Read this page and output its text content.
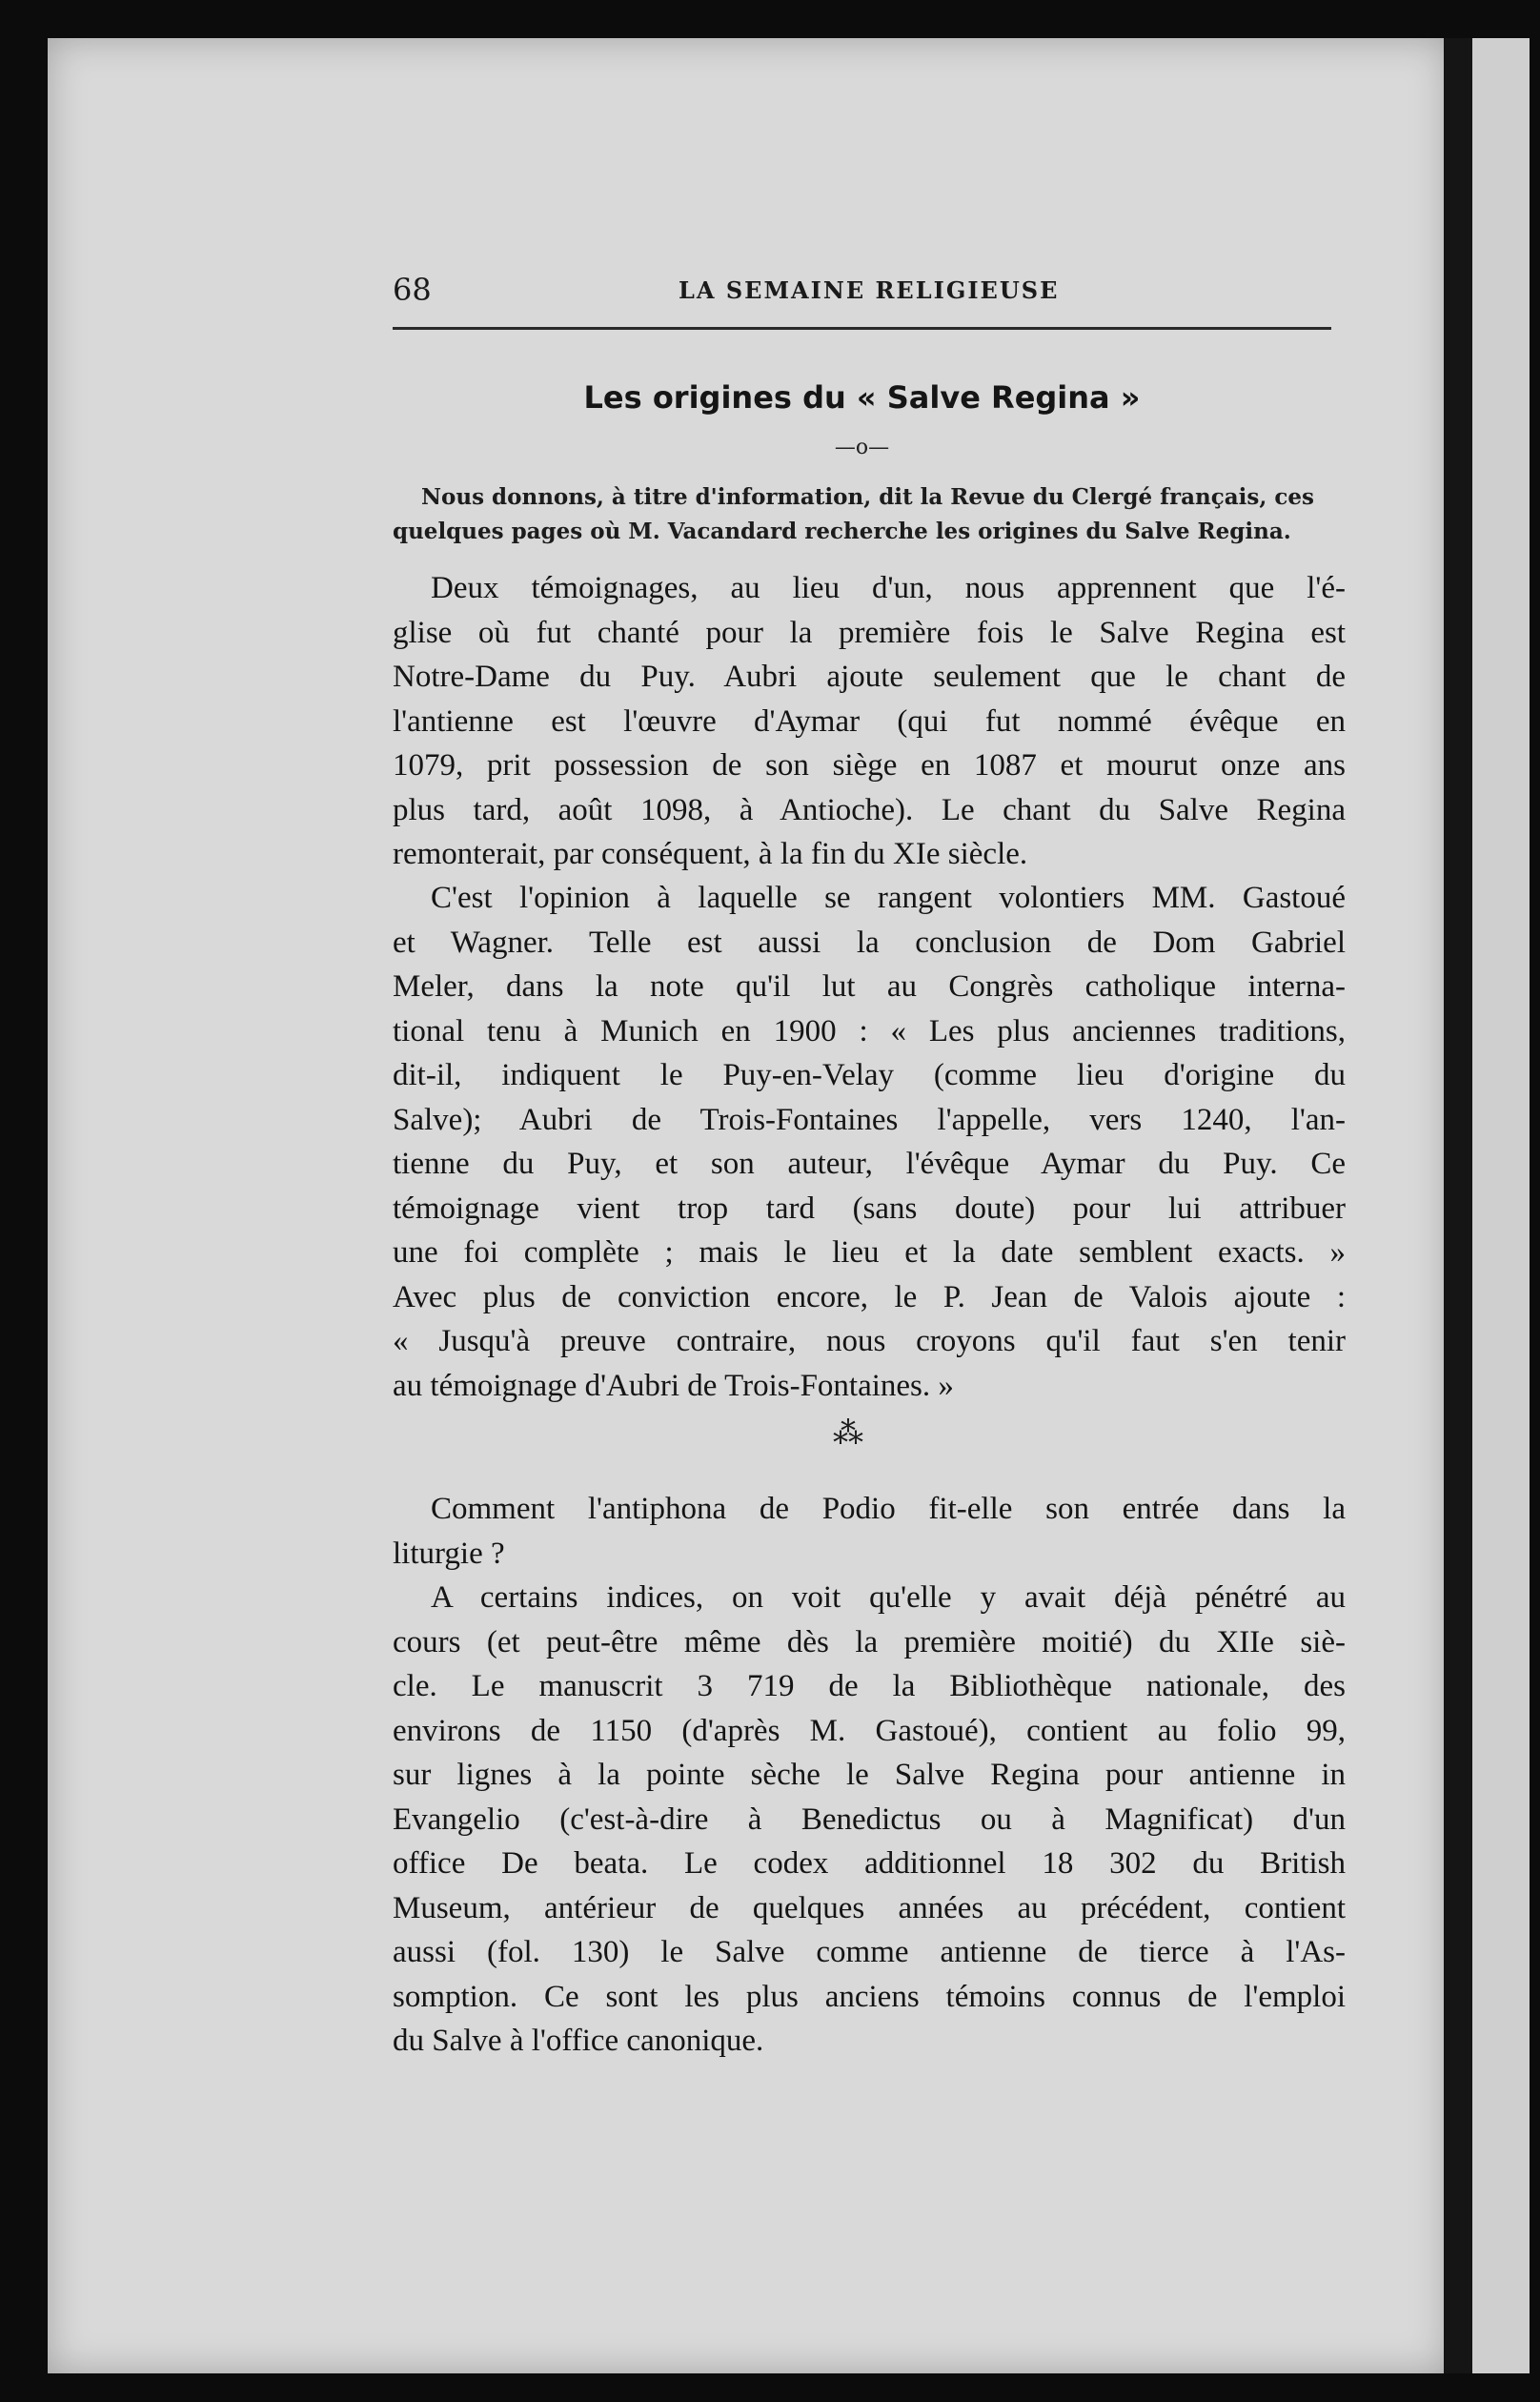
68	LA SEMAINE RELIGIEUSE
Les origines du « Salve Regina »
—o—
Nous donnons, à titre d'information, dit la Revue du Clergé français, ces
quelques pages où M. Vacandard recherche les origines du Salve Regina.
Deux témoignages, au lieu d'un, nous apprennent que l'é-
glise où fut chanté pour la première fois le Salve Regina est
Notre-Dame du Puy. Aubri ajoute seulement que le chant de
l'antienne est l'œuvre d'Aymar (qui fut nommé évêque en
1079, prit possession de son siège en 1087 et mourut onze ans
plus tard, août 1098, à Antioche). Le chant du Salve Regina
remonterait, par conséquent, à la fin du XIe siècle.
C'est l'opinion à laquelle se rangent volontiers MM. Gastoué
et Wagner. Telle est aussi la conclusion de Dom Gabriel
Meler, dans la note qu'il lut au Congrès catholique interna-
tional tenu à Munich en 1900 : « Les plus anciennes traditions,
dit-il, indiquent le Puy-en-Velay (comme lieu d'origine du
Salve); Aubri de Trois-Fontaines l'appelle, vers 1240, l'an-
tienne du Puy, et son auteur, l'évêque Aymar du Puy. Ce
témoignage vient trop tard (sans doute) pour lui attribuer
une foi complète ; mais le lieu et la date semblent exacts. »
Avec plus de conviction encore, le P. Jean de Valois ajoute :
« Jusqu'à preuve contraire, nous croyons qu'il faut s'en tenir
au témoignage d'Aubri de Trois-Fontaines. »
⁂
Comment l'antiphona de Podio fit-elle son entrée dans la
liturgie ?
A certains indices, on voit qu'elle y avait déjà pénétré au
cours (et peut-être même dès la première moitié) du XIIe siè-
cle. Le manuscrit 3 719 de la Bibliothèque nationale, des
environs de 1150 (d'après M. Gastoué), contient au folio 99,
sur lignes à la pointe sèche le Salve Regina pour antienne in
Evangelio (c'est-à-dire à Benedictus ou à Magnificat) d'un
office De beata. Le codex additionnel 18 302 du British
Museum, antérieur de quelques années au précédent, contient
aussi (fol. 130) le Salve comme antienne de tierce à l'As-
somption. Ce sont les plus anciens témoins connus de l'emploi
du Salve à l'office canonique.
